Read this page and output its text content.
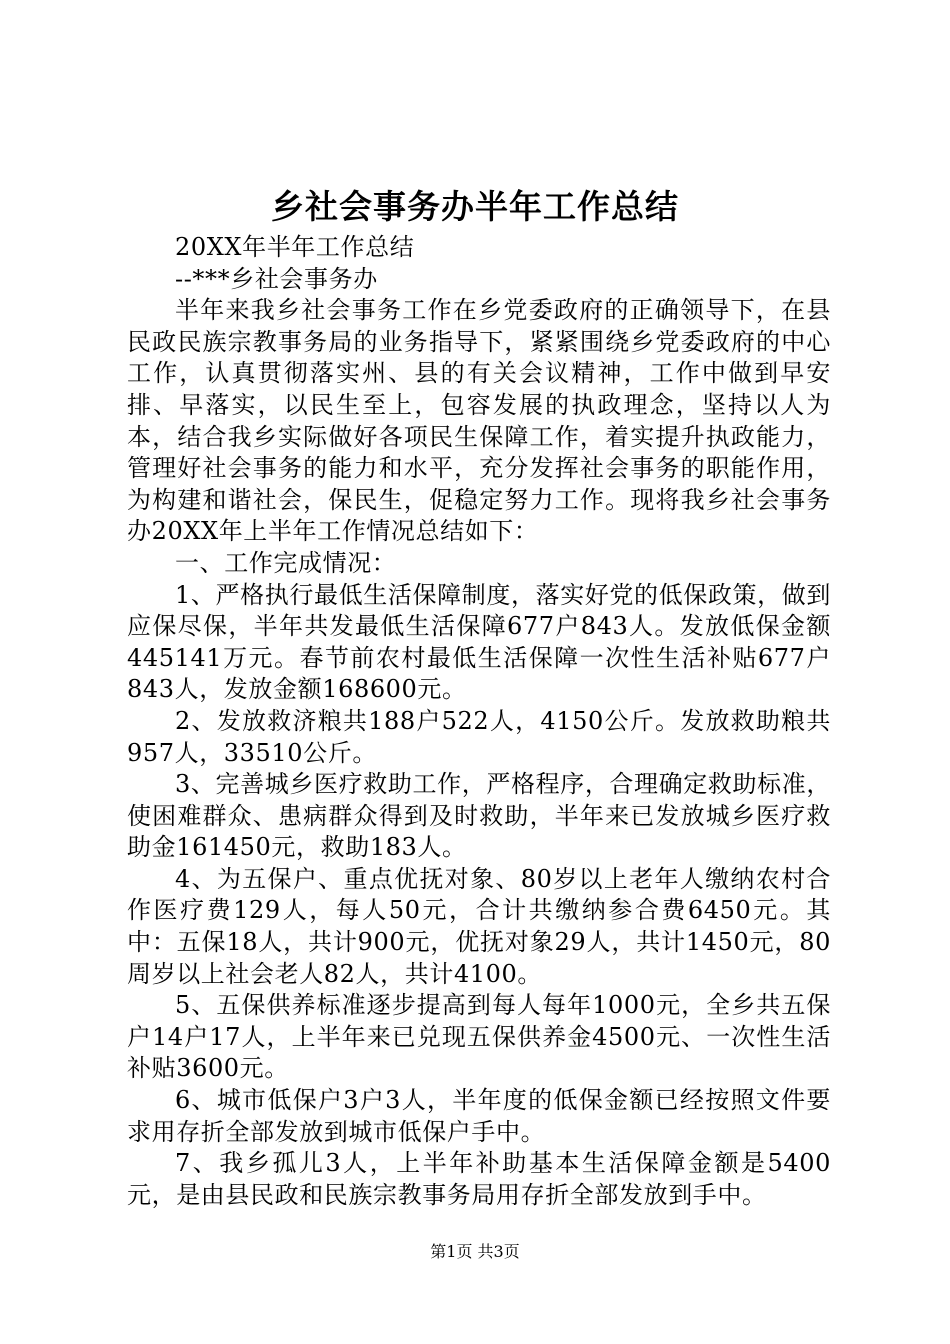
乡社会事务办半年工作总结

20XX年半年工作总结

--***乡社会事务办

半年来我乡社会事务工作在乡党委政府的正确领导下，在县民政民族宗教事务局的业务指导下，紧紧围绕乡党委政府的中心工作，认真贯彻落实州、县的有关会议精神，工作中做到早安排、早落实，以民生至上，包容发展的执政理念，坚持以人为本，结合我乡实际做好各项民生保障工作，着实提升执政能力，管理好社会事务的能力和水平，充分发挥社会事务的职能作用，为构建和谐社会，保民生，促稳定努力工作。现将我乡社会事务办20XX年上半年工作情况总结如下：

一、工作完成情况：

1、严格执行最低生活保障制度，落实好党的低保政策，做到应保尽保，半年共发最低生活保障677户843人。发放低保金额445141万元。春节前农村最低生活保障一次性生活补贴677户843人，发放金额168600元。

2、发放救济粮共188户522人，4150公斤。发放救助粮共957人，33510公斤。

3、完善城乡医疗救助工作，严格程序，合理确定救助标准，使困难群众、患病群众得到及时救助，半年来已发放城乡医疗救助金161450元，救助183人。

4、为五保户、重点优抚对象、80岁以上老年人缴纳农村合作医疗费129人，每人50元，合计共缴纳参合费6450元。其中：五保18人，共计900元，优抚对象29人，共计1450元，80周岁以上社会老人82人，共计4100。

5、五保供养标准逐步提高到每人每年1000元，全乡共五保户14户17人，上半年来已兑现五保供养金4500元、一次性生活补贴3600元。

6、城市低保户3户3人，半年度的低保金额已经按照文件要求用存折全部发放到城市低保户手中。

7、我乡孤儿3人，上半年补助基本生活保障金额是5400元，是由县民政和民族宗教事务局用存折全部发放到手中。

第1页 共3页
